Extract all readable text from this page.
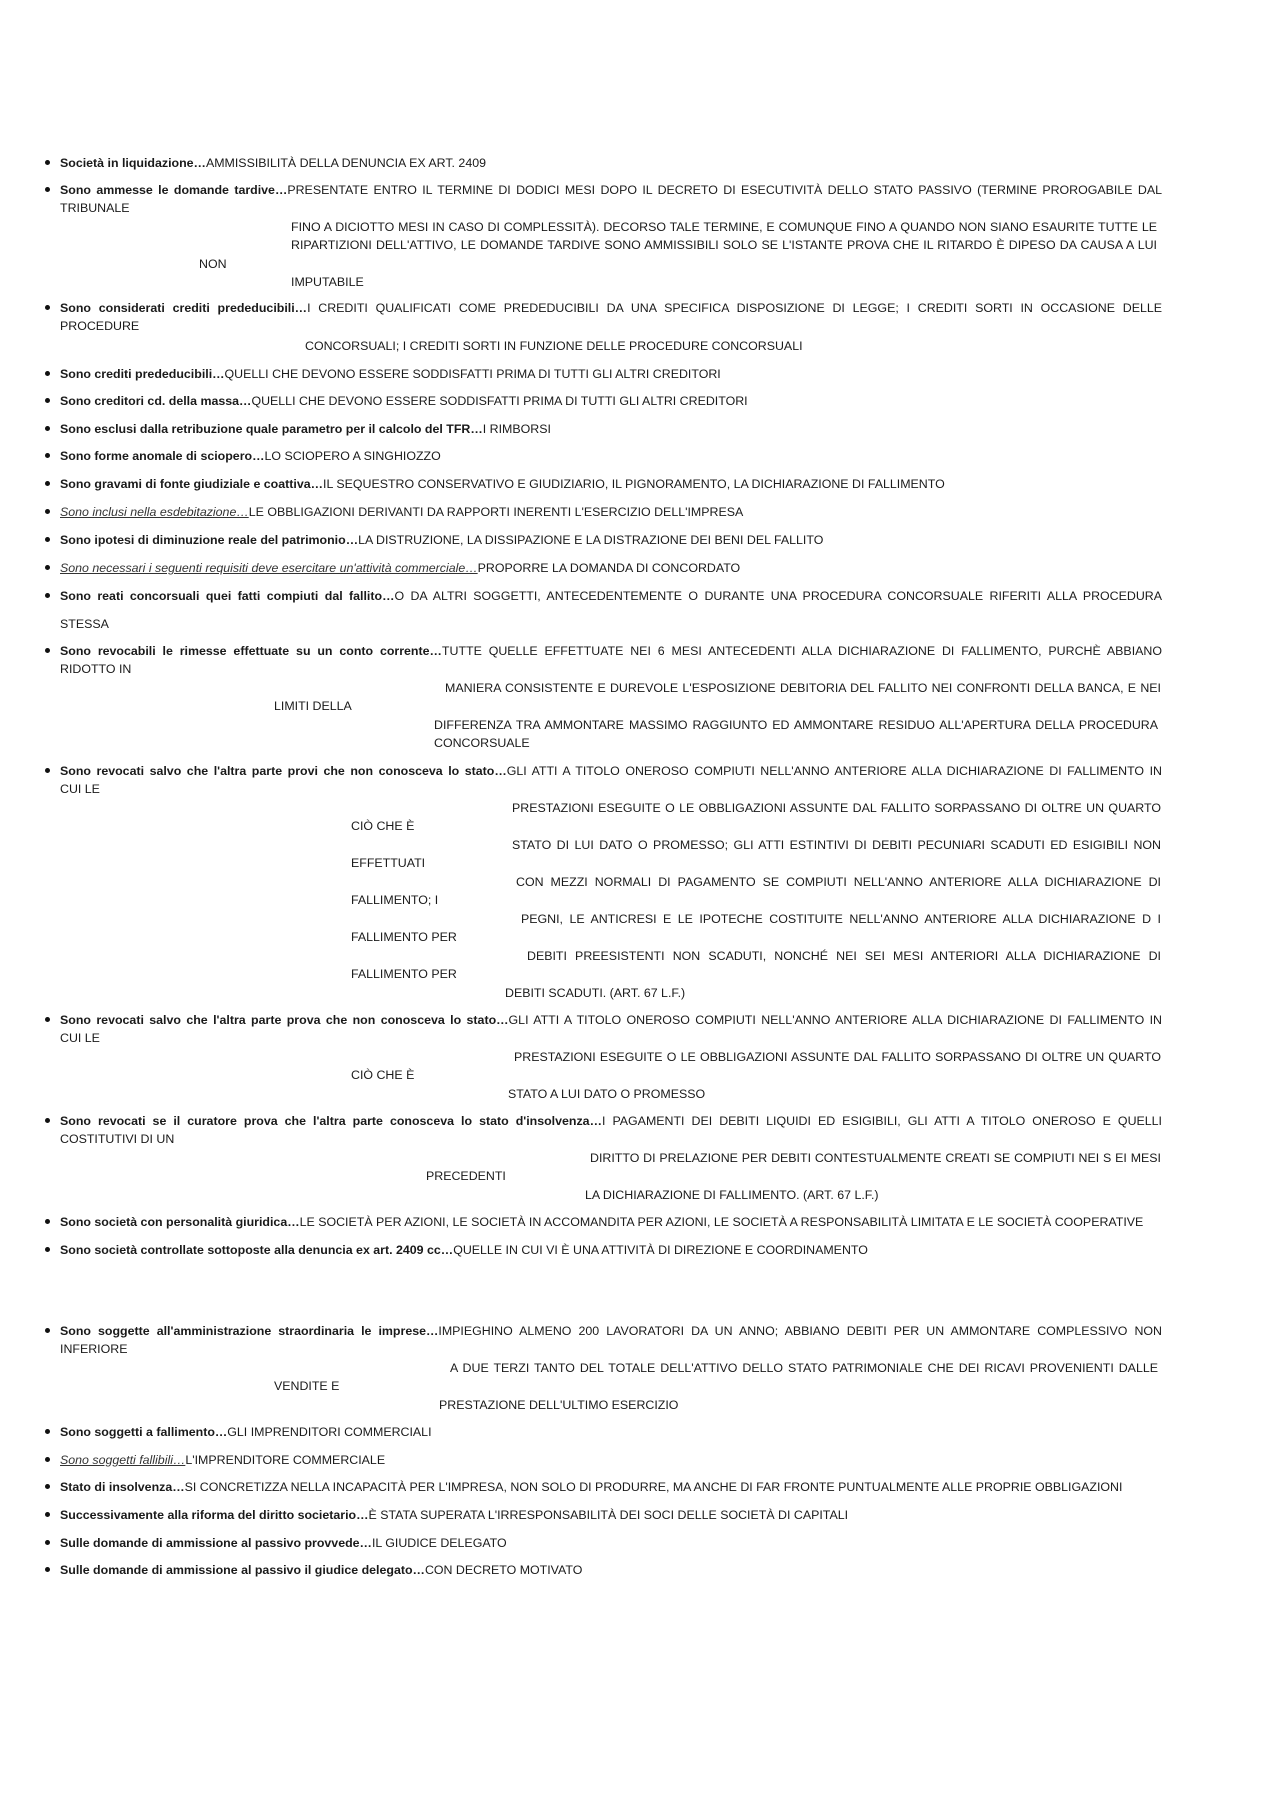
Società in liquidazione…AMMISSIBILITÀ DELLA DENUNCIA EX ART. 2409
Sono ammesse le domande tardive…PRESENTATE ENTRO IL TERMINE DI DODICI MESI DOPO IL DECRETO DI ESECUTIVITÀ DELLO STATO PASSIVO (TERMINE PROROGABILE DAL
TRIBUNALE
FINO A DICIOTTO MESI IN CASO DI COMPLESSITÀ). DECORSO TALE TERMINE, E COMUNQUE FINO A QUANDO NON SIANO ESAURITE TUTTE LE
RIPARTIZIONI DELL'ATTIVO, LE DOMANDE TARDIVE SONO AMMISSIBILI SOLO SE L'ISTANTE PROVA CHE IL RITARDO È DIPESO DA CAUSA A LUI
NON
IMPUTABILE
Sono considerati crediti prededucibili…I CREDITI QUALIFICATI COME PREDEDUCIBILI DA UNA SPECIFICA DISPOSIZIONE DI LEGGE; I CREDITI SORTI IN OCCASIONE DELLE
PROCEDURE
CONCORSUALI; I CREDITI SORTI IN FUNZIONE DELLE PROCEDURE CONCORSUALI
Sono crediti prededucibili…QUELLI CHE DEVONO ESSERE SODDISFATTI PRIMA DI TUTTI GLI ALTRI CREDITORI
Sono creditori cd. della massa…QUELLI CHE DEVONO ESSERE SODDISFATTI PRIMA DI TUTTI GLI ALTRI CREDITORI
Sono esclusi dalla retribuzione quale parametro per il calcolo del TFR…I RIMBORSI
Sono forme anomale di sciopero…LO SCIOPERO A SINGHIOZZO
Sono gravami di fonte giudiziale e coattiva…IL SEQUESTRO CONSERVATIVO E GIUDIZIARIO, IL PIGNORAMENTO, LA DICHIARAZIONE DI FALLIMENTO
Sono inclusi nella esdebitazione…LE OBBLIGAZIONI DERIVANTI DA RAPPORTI INERENTI L'ESERCIZIO DELL'IMPRESA
Sono ipotesi di diminuzione reale del patrimonio…LA DISTRUZIONE, LA DISSIPAZIONE E LA DISTRAZIONE DEI BENI DEL FALLITO
Sono necessari i seguenti requisiti deve esercitare un'attività commerciale…PROPORRE LA DOMANDA DI CONCORDATO
Sono reati concorsuali quei fatti compiuti dal fallito…O DA ALTRI SOGGETTI, ANTECEDENTEMENTE O DURANTE UNA PROCEDURA CONCORSUALE RIFERITI ALLA PROCEDURA
STESSA
Sono revocabili le rimesse effettuate su un conto corrente…TUTTE QUELLE EFFETTUATE NEI 6 MESI ANTECEDENTI ALLA DICHIARAZIONE DI FALLIMENTO, PURCHÈ ABBIANO
RIDOTTO IN
MANIERA CONSISTENTE E DUREVOLE L'ESPOSIZIONE DEBITORIA DEL FALLITO NEI CONFRONTI DELLA BANCA, E NEI
LIMITI DELLA
DIFFERENZA TRA AMMONTARE MASSIMO RAGGIUNTO ED AMMONTARE RESIDUO ALL'APERTURA DELLA PROCEDURA
CONCORSUALE
Sono revocati salvo che l'altra parte provi che non conosceva lo stato…GLI ATTI A TITOLO ONEROSO COMPIUTI NELL'ANNO ANTERIORE ALLA DICHIARAZIONE DI FALLIMENTO IN
CUI LE
PRESTAZIONI ESEGUITE O LE OBBLIGAZIONI ASSUNTE DAL FALLITO SORPASSANO DI OLTRE UN QUARTO
CIÒ CHE È
STATO DI LUI DATO O PROMESSO; GLI ATTI ESTINTIVI DI DEBITI PECUNIARI SCADUTI ED ESIGIBILI NON
EFFETTUATI
CON MEZZI NORMALI DI PAGAMENTO SE COMPIUTI NELL'ANNO ANTERIORE ALLA DICHIARAZIONE DI
FALLIMENTO; I
PEGNI, LE ANTICRESI E LE IPOTECHE COSTITUITE NELL'ANNO ANTERIORE ALLA DICHIARAZIONE D I
FALLIMENTO PER
DEBITI PREESISTENTI NON SCADUTI, NONCHÉ NEI SEI MESI ANTERIORI ALLA DICHIARAZIONE DI
FALLIMENTO PER
DEBITI SCADUTI. (ART. 67 L.F.)
Sono revocati salvo che l'altra parte prova che non conosceva lo stato…GLI ATTI A TITOLO ONEROSO COMPIUTI NELL'ANNO ANTERIORE ALLA DICHIARAZIONE DI FALLIMENTO IN
CUI LE
PRESTAZIONI ESEGUITE O LE OBBLIGAZIONI ASSUNTE DAL FALLITO SORPASSANO DI OLTRE UN QUARTO
CIÒ CHE È
STATO A LUI DATO O PROMESSO
Sono revocati se il curatore prova che l'altra parte conosceva lo stato d'insolvenza…I PAGAMENTI DEI DEBITI LIQUIDI ED ESIGIBILI, GLI ATTI A TITOLO ONEROSO E QUELLI
COSTITUTIVI DI UN
DIRITTO DI PRELAZIONE PER DEBITI CONTESTUALMENTE CREATI SE COMPIUTI NEI S EI MESI
PRECEDENTI
LA DICHIARAZIONE DI FALLIMENTO. (ART. 67 L.F.)
Sono società con personalità giuridica…LE SOCIETÀ PER AZIONI, LE SOCIETÀ IN ACCOMANDITA PER AZIONI, LE SOCIETÀ A RESPONSABILITÀ LIMITATA E LE SOCIETÀ COOPERATIVE
Sono società controllate sottoposte alla denuncia ex art. 2409 cc…QUELLE IN CUI VI È UNA ATTIVITÀ DI DIREZIONE E COORDINAMENTO
Sono soggette all'amministrazione straordinaria le imprese…IMPIEGHINO ALMENO 200 LAVORATORI DA UN ANNO; ABBIANO DEBITI PER UN AMMONTARE COMPLESSIVO NON
INFERIORE
A DUE TERZI TANTO DEL TOTALE DELL'ATTIVO DELLO STATO PATRIMONIALE CHE DEI RICAVI PROVENIENTI DALLE
VENDITE E
PRESTAZIONE DELL'ULTIMO ESERCIZIO
Sono soggetti a fallimento…GLI IMPRENDITORI COMMERCIALI
Sono soggetti fallibili…L'IMPRENDITORE COMMERCIALE
Stato di insolvenza…SI CONCRETIZZA NELLA INCAPACITÀ PER L'IMPRESA, NON SOLO DI PRODURRE, MA ANCHE DI FAR FRONTE PUNTUALMENTE ALLE PROPRIE OBBLIGAZIONI
Successivamente alla riforma del diritto societario…È STATA SUPERATA L'IRRESPONSABILITÀ DEI SOCI DELLE SOCIETÀ DI CAPITALI
Sulle domande di ammissione al passivo provvede…IL GIUDICE DELEGATO
Sulle domande di ammissione al passivo il giudice delegato…CON DECRETO MOTIVATO
